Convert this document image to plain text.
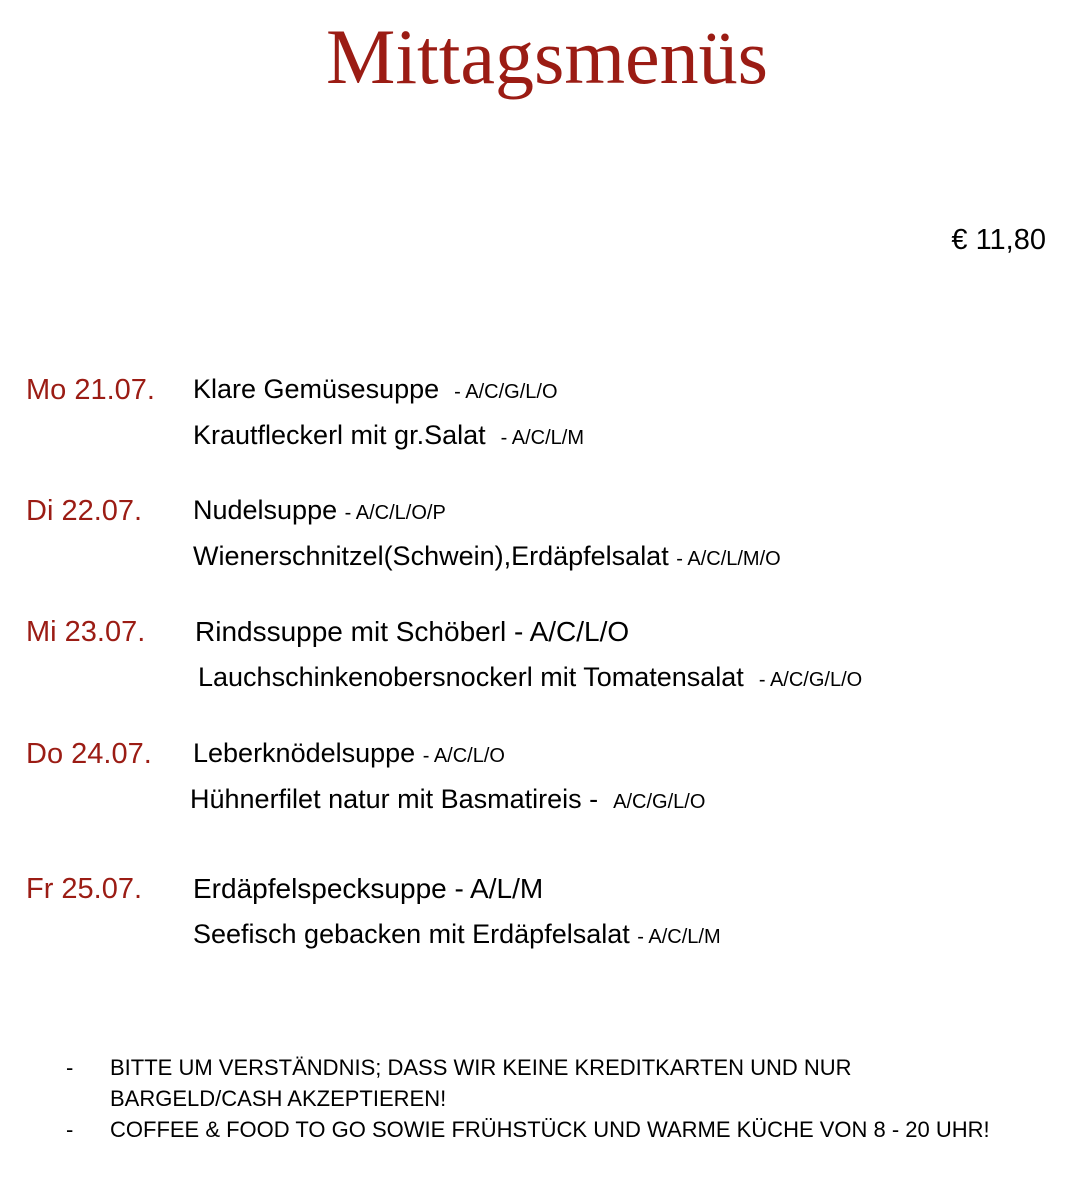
Mittagsmenüs
€ 11,80
Mo 21.07. Klare Gemüsesuppe - A/C/G/L/O
Krautfleckerl mit gr.Salat - A/C/L/M
Di 22.07. Nudelsuppe - A/C/L/O/P
Wienerschnitzel(Schwein),Erdäpfelsalat - A/C/L/M/O
Mi 23.07. Rindssuppe mit Schöberl - A/C/L/O
Lauchschinkenobersnockerl mit Tomatensalat - A/C/G/L/O
Do 24.07. Leberknödelsuppe - A/C/L/O
Hühnerfilet natur mit Basmatireis - A/C/G/L/O
Fr 25.07. Erdäpfelspecksuppe - A/L/M
Seefisch gebacken mit Erdäpfelsalat - A/C/L/M
-	BITTE UM VERSTÄNDNIS; DASS WIR KEINE KREDITKARTEN UND NUR BARGELD/CASH AKZEPTIEREN!
-	COFFEE & FOOD TO GO SOWIE FRÜHSTÜCK UND WARME KÜCHE VON 8 - 20 UHR!
